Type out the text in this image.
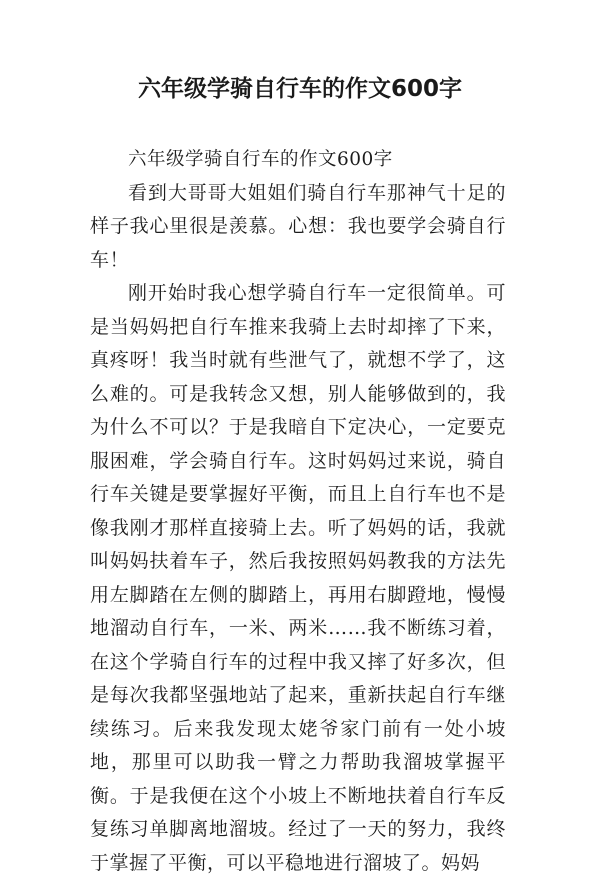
六年级学骑自行车的作文600字

六年级学骑自行车的作文600字

看到大哥哥大姐姐们骑自行车那神气十足的样子我心里很是羡慕。心想：我也要学会骑自行车！

刚开始时我心想学骑自行车一定很简单。可是当妈妈把自行车推来我骑上去时却摔了下来，真疼呀！我当时就有些泄气了，就想不学了，这么难的。可是我转念又想，别人能够做到的，我为什么不可以？于是我暗自下定决心，一定要克服困难，学会骑自行车。这时妈妈过来说，骑自行车关键是要掌握好平衡，而且上自行车也不是像我刚才那样直接骑上去。听了妈妈的话，我就叫妈妈扶着车子，然后我按照妈妈教我的方法先用左脚踏在左侧的脚踏上，再用右脚蹬地，慢慢地溜动自行车，一米、两米……我不断练习着，在这个学骑自行车的过程中我又摔了好多次，但是每次我都坚强地站了起来，重新扶起自行车继续练习。后来我发现太姥爷家门前有一处小坡地，那里可以助我一臂之力帮助我溜坡掌握平衡。于是我便在这个小坡上不断地扶着自行车反复练习单脚离地溜坡。经过了一天的努力，我终于掌握了平衡，可以平稳地进行溜坡了。妈妈
